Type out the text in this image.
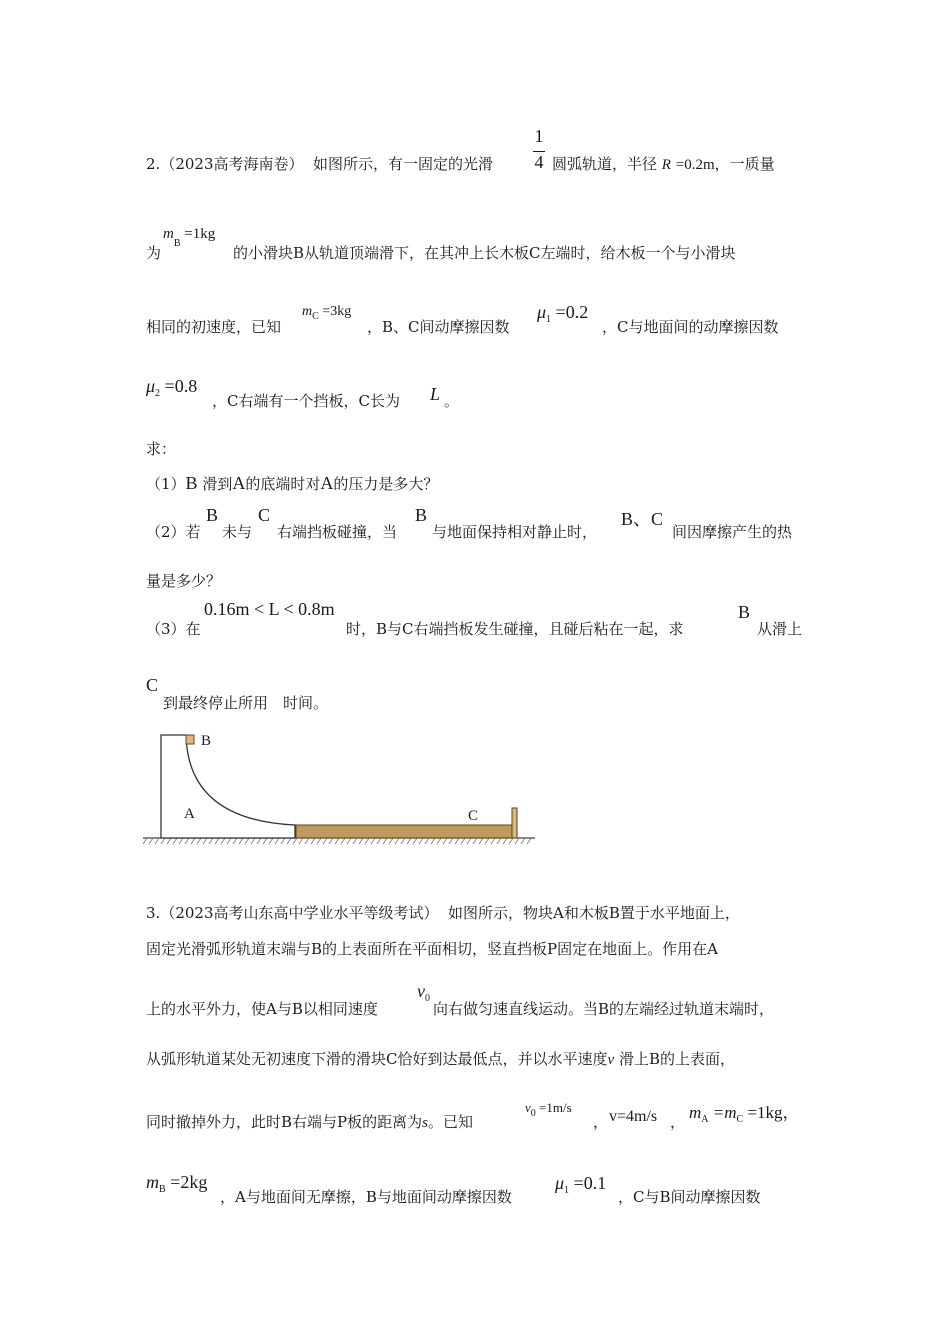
2.（2023高考海南卷） 如图所示，有一固定的光滑
1
4 圆弧轨道，半径 R =0.2m，一质量
为
$m_B =1kg$
的小滑块B从轨道顶端滑下，在其冲上长木板C左端时，给木板一个与小滑块
相同的初速度，已知
$m_C =3kg$
，B、C间动摩擦因数
$\mu_1 =0.2$
，C与地面间的动摩擦因数
$\mu_2 =0.8$
，C右端有一个挡板，C长为 L 。
求：
（1）B 滑到A的底端时对A的压力是多大？
（2）若
B
未与
C
右端挡板碰撞，当
B
与地面保持相对静止时，
B、C
间因摩擦产生的热
量是多少？
（3）在
0.16m < L < 0.8m
时，B与C右端挡板发生碰撞，且碰后粘在一起，求
B
从滑上
C
到最终停止所用　时间。
B
A	C
3.（2023高考山东高中学业水平等级考试） 如图所示，物块A和木板B置于水平地面上，
固定光滑弧形轨道末端与B的上表面所在平面相切，竖直挡板P固定在地面上。作用在A
上的水平外力，使A与B以相同速度
$v_0$
向右做匀速直线运动。当B的左端经过轨道末端时，
从弧形轨道某处无初速度下滑的滑块C恰好到达最低点，并以水平速度v 滑上B的上表面，
同时撤掉外力，此时B右端与P板的距离为s。已知
$v_0 =1m/s$
， v=4m/s ， $m_A =m_C =1kg$，
$m_B =2kg$
，A与地面间无摩擦，B与地面间动摩擦因数
$\mu_1 =0.1$
，C与B间动摩擦因数
